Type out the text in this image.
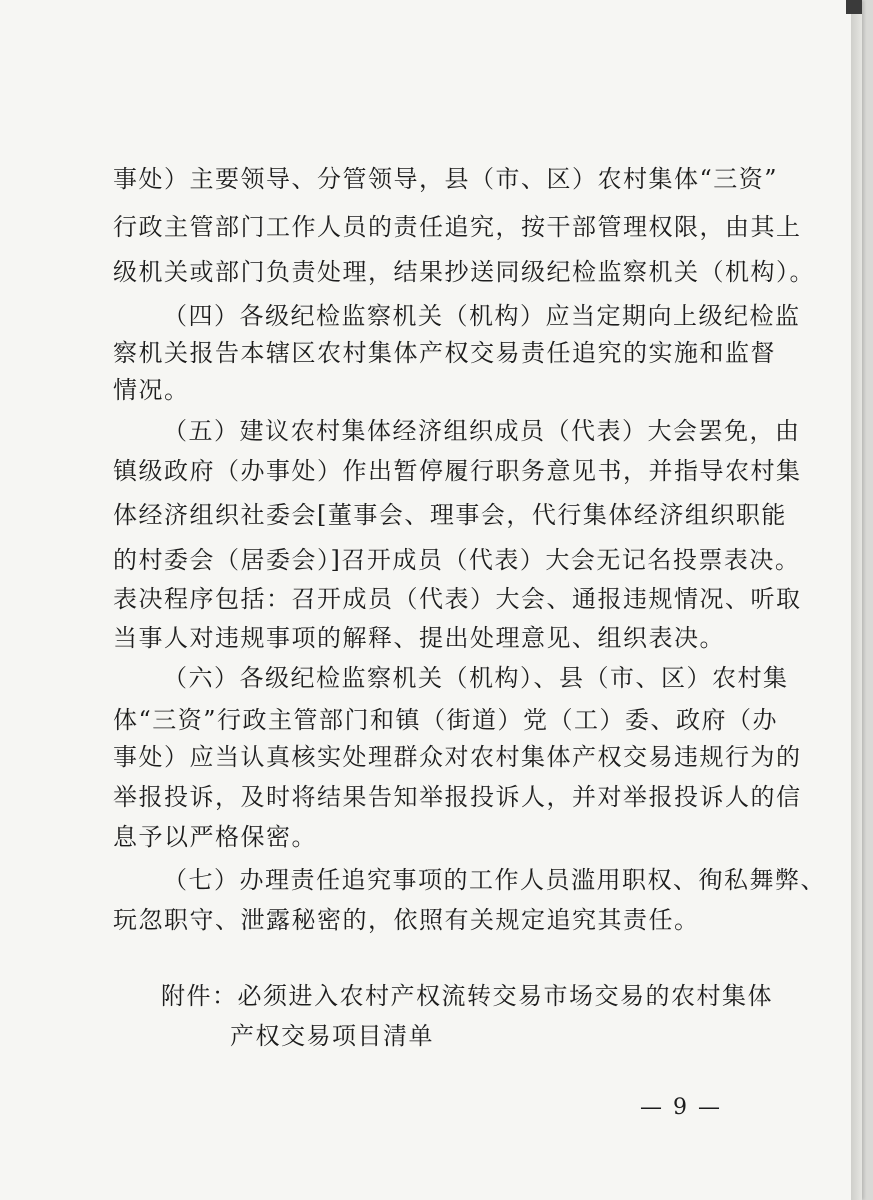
事处）主要领导、分管领导，县（市、区）农村集体“三资”
行政主管部门工作人员的责任追究，按干部管理权限，由其上
级机关或部门负责处理，结果抄送同级纪检监察机关（机构）。
（四）各级纪检监察机关（机构）应当定期向上级纪检监
察机关报告本辖区农村集体产权交易责任追究的实施和监督
情况。
（五）建议农村集体经济组织成员（代表）大会罢免，由
镇级政府（办事处）作出暂停履行职务意见书，并指导农村集
体经济组织社委会[董事会、理事会，代行集体经济组织职能
的村委会（居委会）]召开成员（代表）大会无记名投票表决。
表决程序包括：召开成员（代表）大会、通报违规情况、听取
当事人对违规事项的解释、提出处理意见、组织表决。
（六）各级纪检监察机关（机构）、县（市、区）农村集
体“三资”行政主管部门和镇（街道）党（工）委、政府（办
事处）应当认真核实处理群众对农村集体产权交易违规行为的
举报投诉，及时将结果告知举报投诉人，并对举报投诉人的信
息予以严格保密。
（七）办理责任追究事项的工作人员滥用职权、徇私舞弊、
玩忽职守、泄露秘密的，依照有关规定追究其责任。
附件：必须进入农村产权流转交易市场交易的农村集体
产权交易项目清单
— 9 —
